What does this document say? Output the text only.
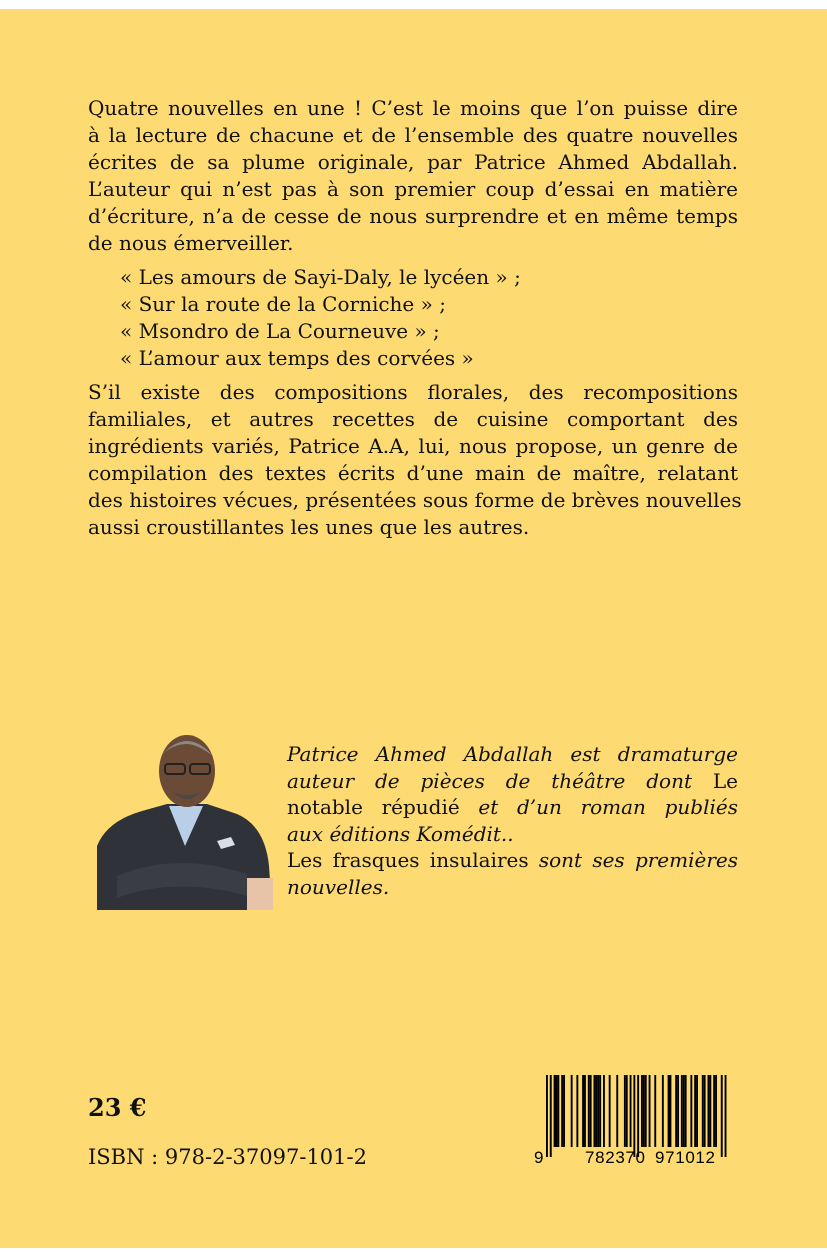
Quatre nouvelles en une ! C’est le moins que l’on puisse dire
à la lecture de chacune et de l’ensemble des quatre nouvelles
écrites de sa plume originale, par Patrice Ahmed Abdallah.
L’auteur qui n’est pas à son premier coup d’essai en matière
d’écriture, n’a de cesse de nous surprendre et en même temps
de nous émerveiller.
« Les amours de Sayi-Daly, le lycéen » ;
« Sur la route de la Corniche » ;
« Msondro de La Courneuve » ;
« L’amour aux temps des corvées »
S’il existe des compositions florales, des recompositions
familiales, et autres recettes de cuisine comportant des
ingrédients variés, Patrice A.A, lui, nous propose, un genre de
compilation des textes écrits d’une main de maître, relatant
des histoires vécues, présentées sous forme de brèves nouvelles
aussi croustillantes les unes que les autres.
Patrice Ahmed Abdallah est dramaturge
auteur de pièces de théâtre dont Le
notable répudié et d’un roman publiés
aux éditions Komédit..
Les frasques insulaires sont ses premières
nouvelles.
23 €
ISBN : 978-2-37097-101-2	9 782370 971012
